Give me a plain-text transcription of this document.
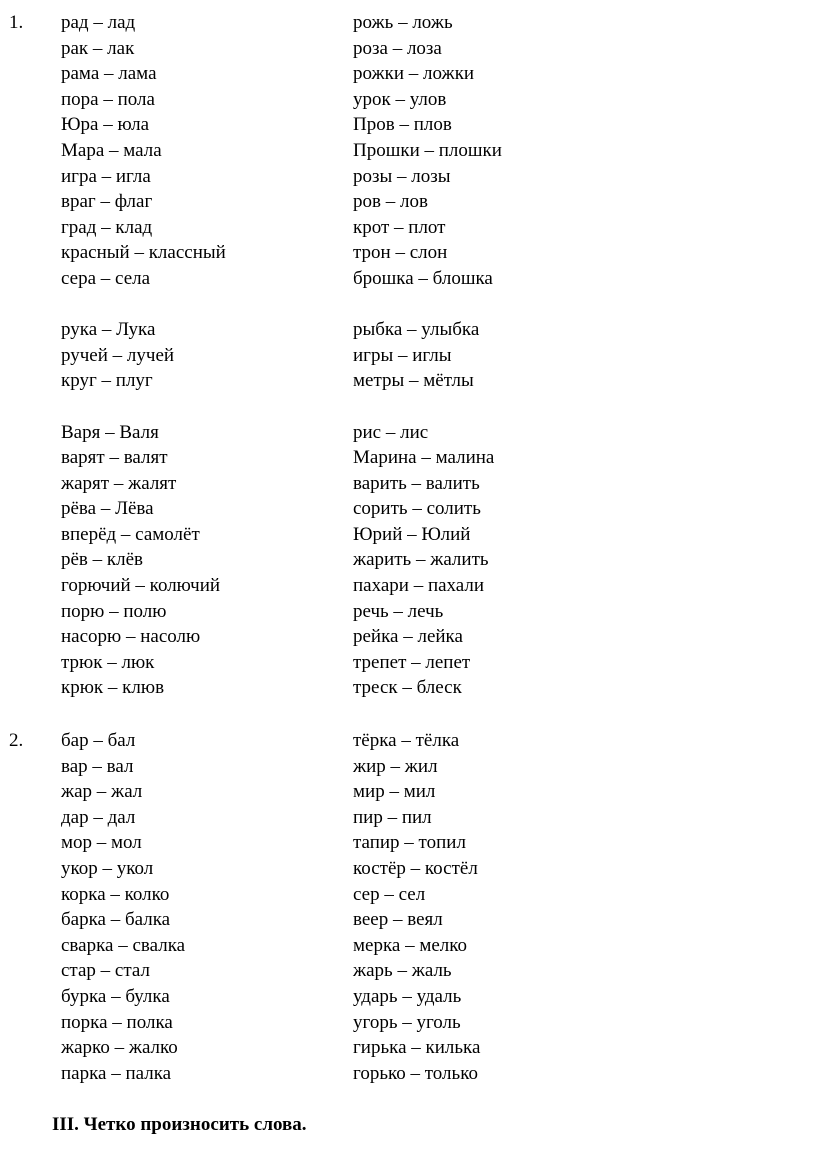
1. рад – лад
рак – лак
рама – лама
пора – пола
Юра – юла
Мара – мала
игра – игла
враг – флаг
град – клад
красный – классный
сера – села
рука – Лука
ручей – лучей
круг – плуг
Варя – Валя
варят – валят
жарят – жалят
рёва – Лёва
вперёд – самолёт
рёв – клёв
горючий – колючий
порю – полю
насорю – насолю
трюк – люк
крюк – клюв
рожь – ложь
роза – лоза
рожки – ложки
урок – улов
Пров – плов
Прошки – плошки
розы – лозы
ров – лов
крот – плот
трон – слон
брошка – блошка
рыбка – улыбка
игры – иглы
метры – мётлы
рис – лис
Марина – малина
варить – валить
сорить – солить
Юрий – Юлий
жарить – жалить
пахари – пахали
речь – лечь
рейка – лейка
трепет – лепет
треск – блеск
2. бар – бал
вар – вал
жар – жал
дар – дал
мор – мол
укор – укол
корка – колко
барка – балка
сварка – свалка
стар – стал
бурка – булка
порка – полка
жарко – жалко
парка – палка
тёрка – тёлка
жир – жил
мир – мил
пир – пил
тапир – топил
костёр – костёл
сер – сел
веер – веял
мерка – мелко
жарь – жаль
ударь – удаль
угорь – уголь
гирька – килька
горько – только
III. Четко произносить слова.
